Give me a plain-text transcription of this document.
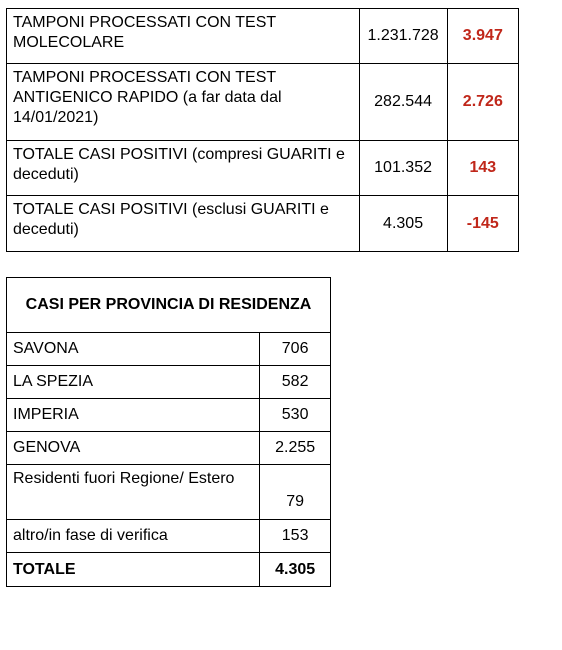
TAMPONI PROCESSATI CON TEST MOLECOLARE	1.231.728	3.947
TAMPONI PROCESSATI CON TEST ANTIGENICO RAPIDO (a far data dal 14/01/2021)	282.544	2.726
TOTALE CASI POSITIVI (compresi GUARITI e deceduti)	101.352	143
TOTALE CASI POSITIVI (esclusi GUARITI e deceduti)	4.305	-145
CASI PER PROVINCIA DI RESIDENZA	
SAVONA	706
LA SPEZIA	582
IMPERIA	530
GENOVA	2.255
Residenti fuori Regione/ Estero	79
altro/in fase di verifica	153
TOTALE	4.305
